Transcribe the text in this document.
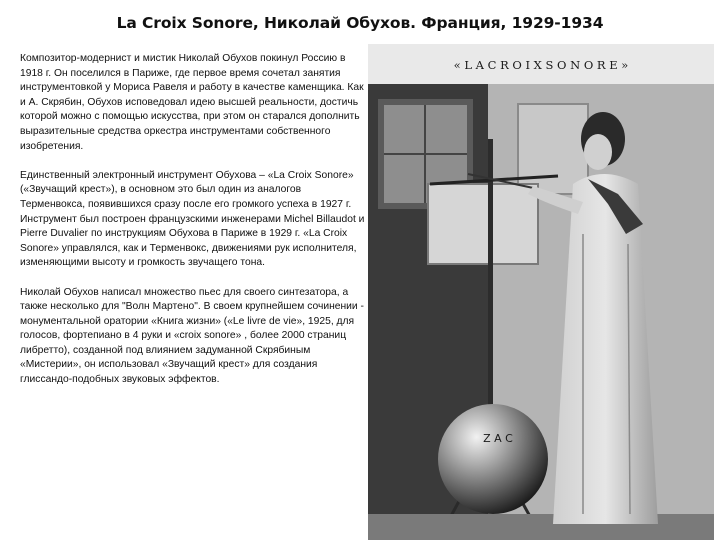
La Croix Sonore, Николай Обухов. Франция, 1929-1934

Композитор-модернист и мистик Николай Обухов покинул Россию в 1918 г. Он поселился в Париже, где первое время сочетал занятия инструментовкой у Мориса Равеля и работу в качестве каменщика. Как и А. Скрябин, Обухов исповедовал идею высшей реальности, достичь которой можно с помощью искусства, при этом он старался дополнить выразительные средства оркестра инструментами собственного изобретения.

Единственный электронный инструмент Обухова – «La Croix Sonore» («Звучащий крест»), в основном это был один из аналогов Терменвокса, появившихся сразу после его громкого успеха в 1927 г. Инструмент был построен французскими инженерами Michel Billaudot и Pierre Duvalier по инструкциям Обухова в Париже в 1929 г. «La Croix Sonore» управлялся, как и Терменвокс, движениями рук исполнителя, изменяющими высоту и громкость звучащего тона.

Николай Обухов написал множество пьес для своего синтезатора, а также несколько для "Волн Мартено". В своем крупнейшем сочинении - монументальной оратории «Книга жизни» («Le livre de vie», 1925, для голосов, фортепиано в 4 руки и «croix sonore» , более 2000 страниц либретто), созданной под влиянием задуманной Скрябиным «Мистерии», он использовал «Звучащий крест» для создания глиссандо-подобных звуковых эффектов.

« L A C R O I X S O N O R E »
Z A C
